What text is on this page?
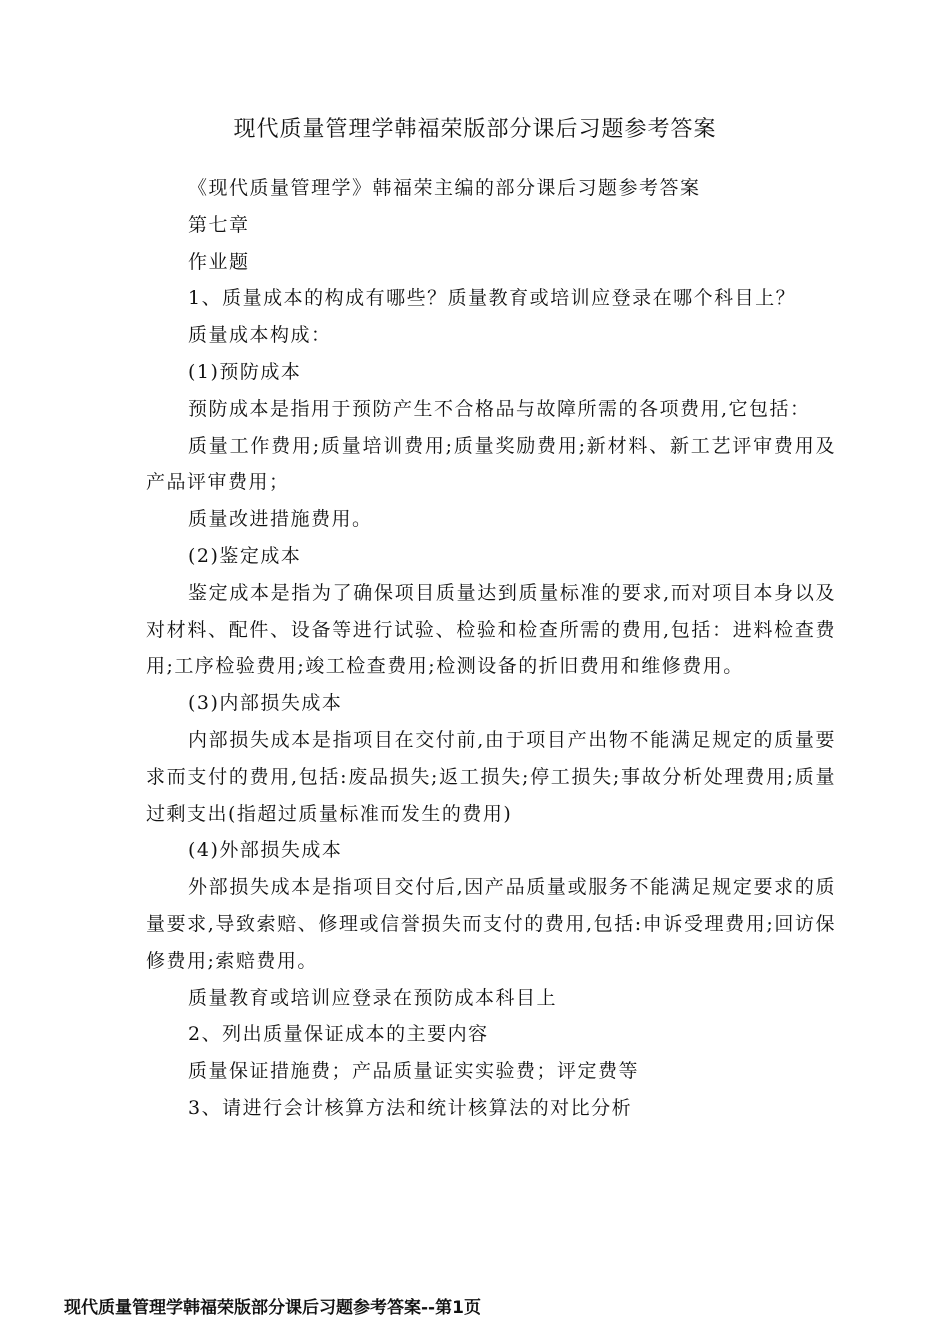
现代质量管理学韩福荣版部分课后习题参考答案

《现代质量管理学》韩福荣主编的部分课后习题参考答案

第七章

作业题

1、质量成本的构成有哪些？质量教育或培训应登录在哪个科目上？

质量成本构成：

(1)预防成本

预防成本是指用于预防产生不合格品与故障所需的各项费用,它包括：

质量工作费用;质量培训费用;质量奖励费用;新材料、新工艺评审费用及产品评审费用；

质量改进措施费用。

(2)鉴定成本

鉴定成本是指为了确保项目质量达到质量标准的要求,而对项目本身以及对材料、配件、设备等进行试验、检验和检查所需的费用,包括：进料检查费用;工序检验费用;竣工检查费用;检测设备的折旧费用和维修费用。

(3)内部损失成本

内部损失成本是指项目在交付前,由于项目产出物不能满足规定的质量要求而支付的费用,包括:废品损失;返工损失;停工损失;事故分析处理费用;质量过剩支出(指超过质量标准而发生的费用)

(4)外部损失成本

外部损失成本是指项目交付后,因产品质量或服务不能满足规定要求的质量要求,导致索赔、修理或信誉损失而支付的费用,包括:申诉受理费用;回访保修费用;索赔费用。

质量教育或培训应登录在预防成本科目上

2、列出质量保证成本的主要内容

质量保证措施费；产品质量证实实验费；评定费等

3、请进行会计核算方法和统计核算法的对比分析

现代质量管理学韩福荣版部分课后习题参考答案--第1页
